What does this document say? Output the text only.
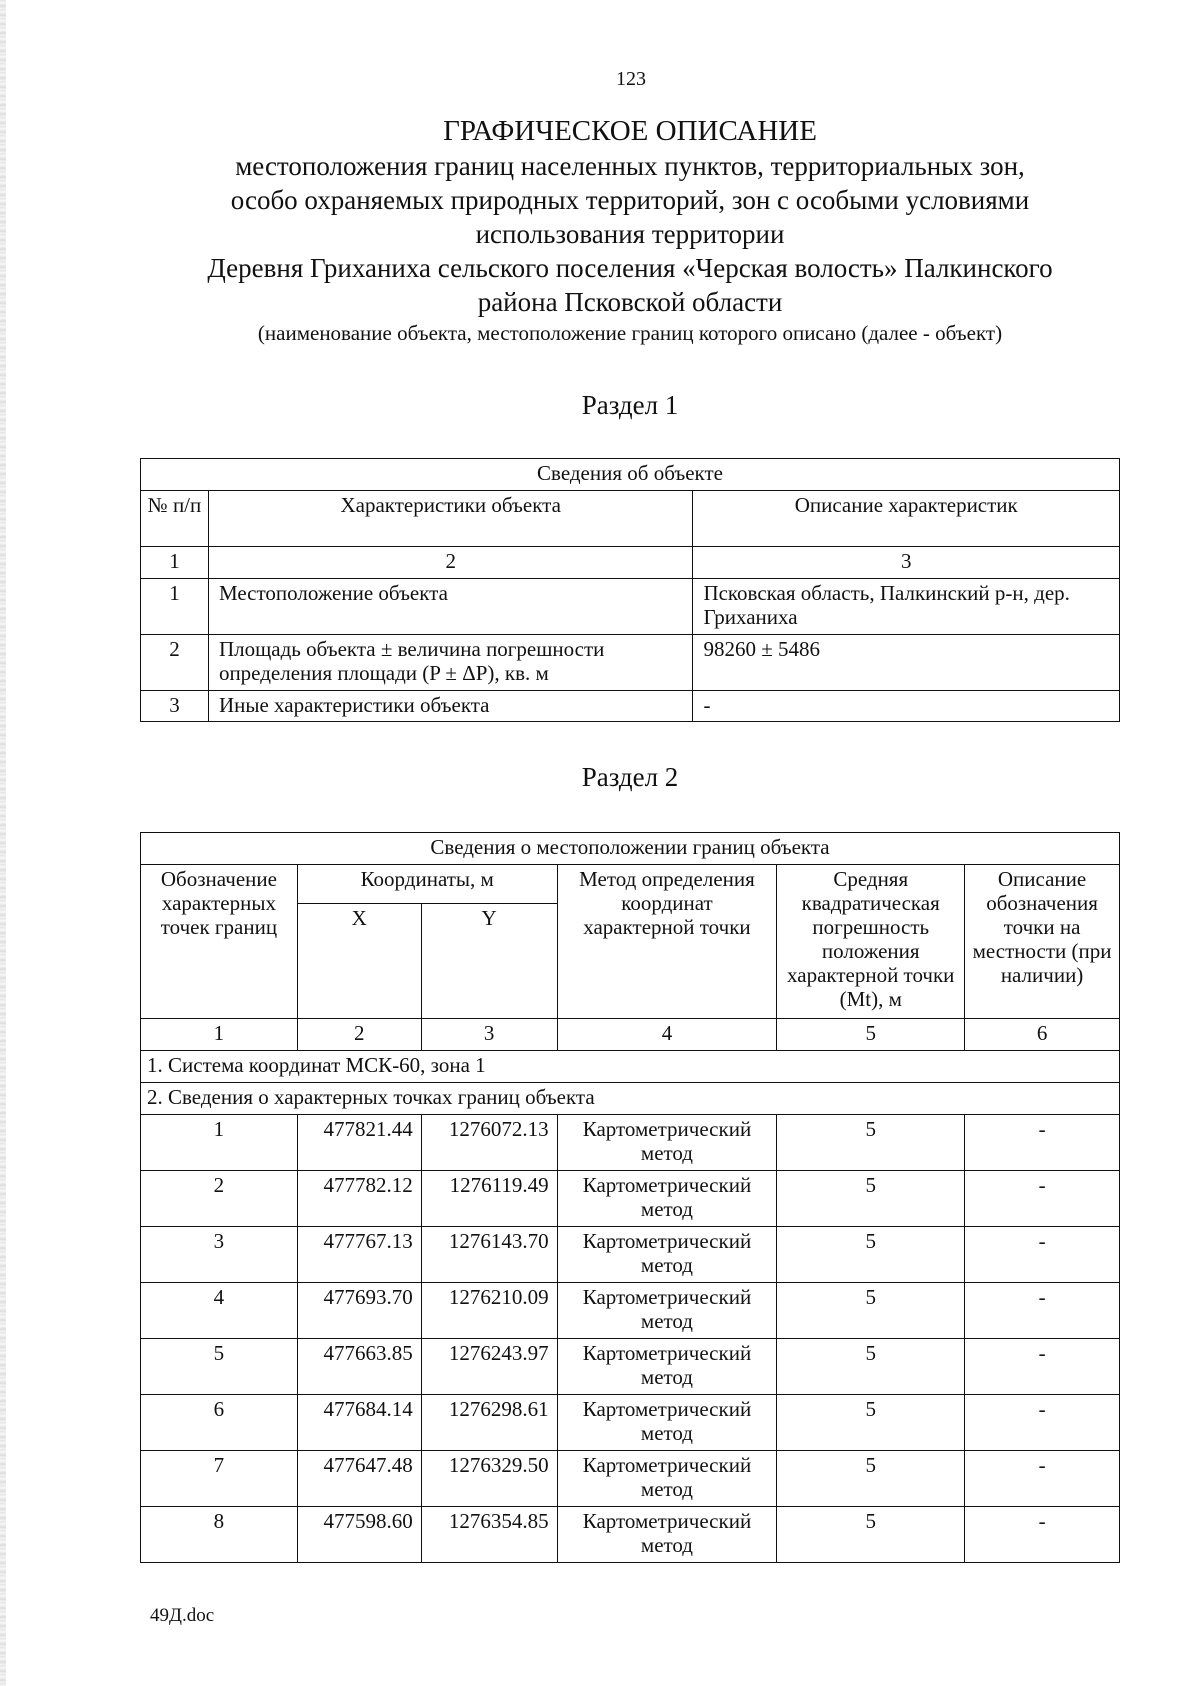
123
ГРАФИЧЕСКОЕ ОПИСАНИЕ
местоположения границ населенных пунктов, территориальных зон,
особо охраняемых природных территорий, зон с особыми условиями
использования территории
Деревня Гриханиха сельского поселения «Черская волость» Палкинского
района Псковской области
(наименование объекта, местоположение границ которого описано (далее - объект)
Раздел 1
Сведения об объекте		
№ п/п	Характеристики объекта	Описание характеристик
1	2	3
1	Местоположение объекта	Псковская область, Палкинский р-н, дер. Гриханиха
2	Площадь объекта ± величина погрешности определения площади (P ± ΔP), кв. м	98260 ± 5486
3	Иные характеристики объекта	-
Раздел 2
Сведения о местоположении границ объекта					
Обозначение характерных точек границ	Координаты, м		Метод определения координат характерной точки	Средняя квадратическая погрешность положения характерной точки (Mt), м	Описание обозначения точки на местности (при наличии)
	X	Y			
1	2	3	4	5	6
1. Система координат МСК-60, зона 1					
2. Сведения о характерных точках границ объекта					
1	477821.44	1276072.13	Картометрический метод	5	-
2	477782.12	1276119.49	Картометрический метод	5	-
3	477767.13	1276143.70	Картометрический метод	5	-
4	477693.70	1276210.09	Картометрический метод	5	-
5	477663.85	1276243.97	Картометрический метод	5	-
6	477684.14	1276298.61	Картометрический метод	5	-
7	477647.48	1276329.50	Картометрический метод	5	-
8	477598.60	1276354.85	Картометрический метод	5	-
49Д.doc
